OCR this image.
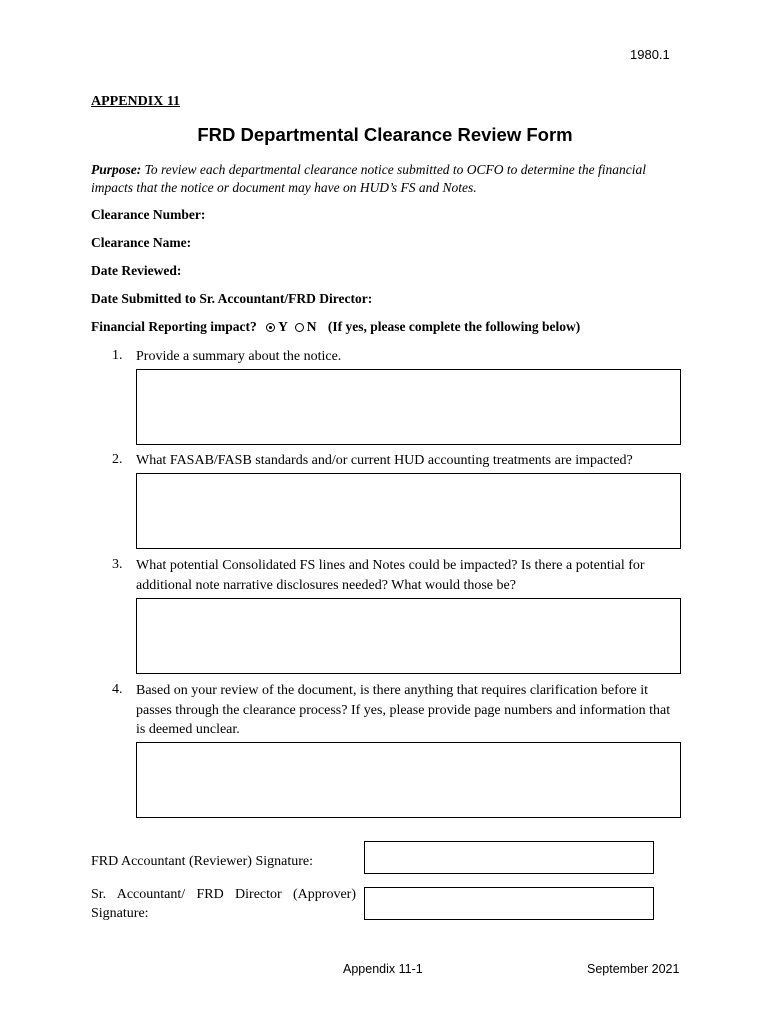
1980.1
APPENDIX 11
FRD Departmental Clearance Review Form
Purpose: To review each departmental clearance notice submitted to OCFO to determine the financial impacts that the notice or document may have on HUD’s FS and Notes.
Clearance Number:
Clearance Name:
Date Reviewed:
Date Submitted to Sr. Accountant/FRD Director:
Financial Reporting impact? Y N (If yes, please complete the following below)
1. Provide a summary about the notice.
2. What FASAB/FASB standards and/or current HUD accounting treatments are impacted?
3. What potential Consolidated FS lines and Notes could be impacted? Is there a potential for additional note narrative disclosures needed? What would those be?
4. Based on your review of the document, is there anything that requires clarification before it passes through the clearance process? If yes, please provide page numbers and information that is deemed unclear.
FRD Accountant (Reviewer) Signature:
Sr. Accountant/ FRD Director (Approver) Signature:
Appendix 11-1	September 2021
